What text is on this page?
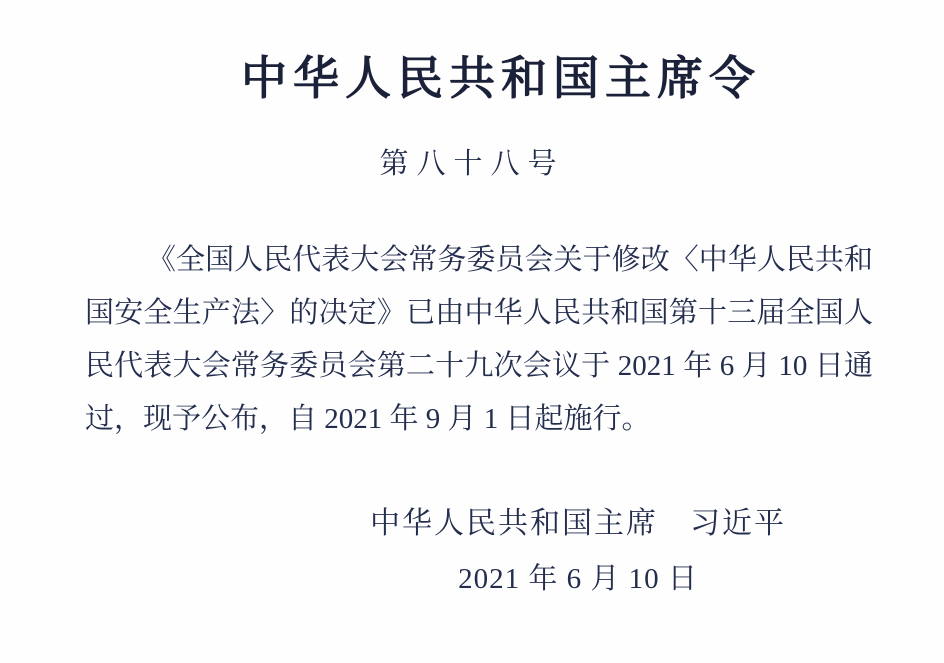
中华人民共和国主席令
第八十八号

《全国人民代表大会常务委员会关于修改〈中华人民共和

国安全生产法〉的决定》已由中华人民共和国第十三届全国人

民代表大会常务委员会第二十九次会议于 2021 年 6 月 10 日通

过，现予公布，自 2021 年 9 月 1 日起施行。

中华人民共和国主席　习近平

2021 年 6 月 10 日
